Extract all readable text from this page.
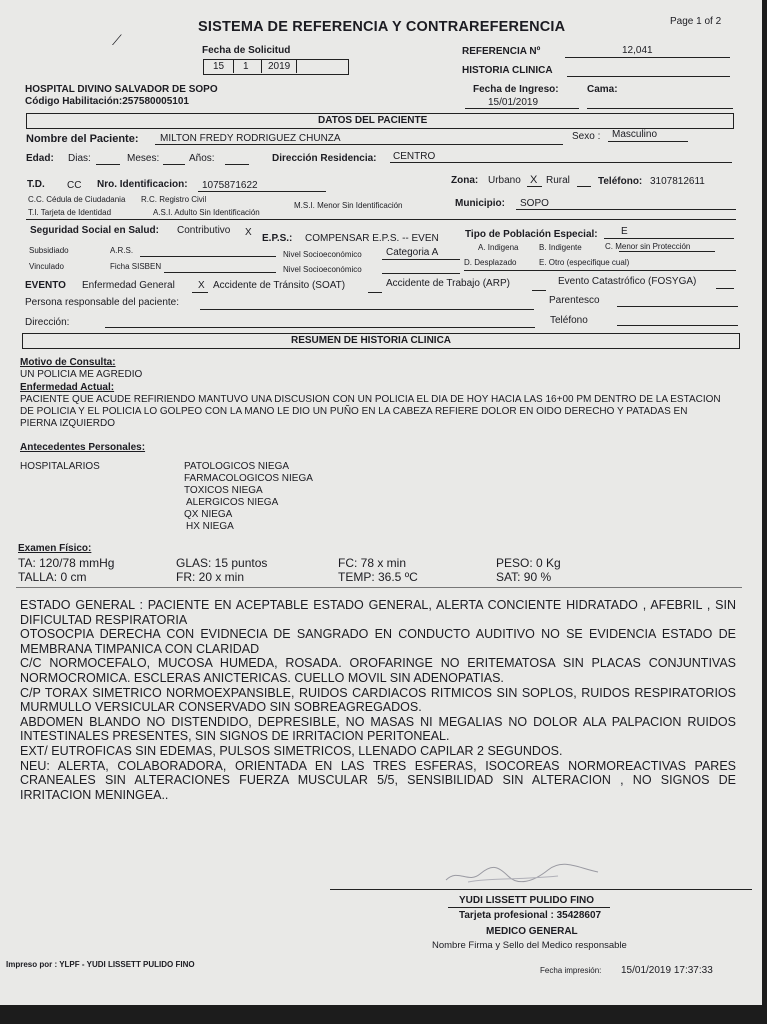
⟋
SISTEMA DE REFERENCIA Y CONTRAREFERENCIA	Page 1 of 2
Fecha de Solicitud
15 1 2019
REFERENCIA Nº	12,041
HISTORIA CLINICA
HOSPITAL DIVINO SALVADOR DE SOPO
Código Habilitación:257580005101
Fecha de Ingreso:
15/01/2019
Cama:
DATOS DEL PACIENTE
Nombre del Paciente: MILTON FREDY RODRIGUEZ CHUNZA	Sexo : Masculino
Edad: Dias:	Meses:	Años:	Dirección Residencia: CENTRO
T.D. CC Nro. Identificacion: 1075871622	Zona: Urbano X Rural	Teléfono: 3107812611
C.C. Cédula de Ciudadania R.C. Registro Civil
T.I. Tarjeta de Identidad	A.S.I. Adulto Sin Identificación
M.S.I. Menor Sin Identificación	Municipio: SOPO
Seguridad Social en Salud: Contributivo X
E.P.S.: COMPENSAR E.P.S. -- EVEN	Tipo de Población Especial: E
Subsidiado	A.R.S.	Nivel Socioeconómico Categoria A	A. Indigena	B. Indigente	C. Menor sin Protección
Vinculado	Ficha SISBEN	Nivel Socioeconómico
D. Desplazado	E. Otro (especifique cual)
EVENTO Enfermedad General X Accidente de Tránsito (SOAT)	Accidente de Trabajo (ARP)	Evento Catastrófico (FOSYGA)
Persona responsable del paciente:	Parentesco
Dirección:	Teléfono
RESUMEN DE HISTORIA CLINICA
Motivo de Consulta:
UN POLICIA ME AGREDIO
Enfermedad Actual:
PACIENTE QUE ACUDE REFIRIENDO MANTUVO UNA DISCUSION CON UN POLICIA EL DIA DE HOY HACIA LAS 16+00 PM DENTRO DE LA ESTACION DE POLICIA Y EL POLICIA LO GOLPEO CON LA MANO LE DIO UN PUÑO EN LA CABEZA REFIERE DOLOR EN OIDO DERECHO Y PATADAS EN PIERNA IZQUIERDO
Antecedentes Personales:
HOSPITALARIOS	PATOLOGICOS NIEGA
FARMACOLOGICOS NIEGA
TOXICOS NIEGA
ALERGICOS NIEGA
QX NIEGA
HX NIEGA
Examen Físico:
TA: 120/78 mmHg	GLAS: 15 puntos	FC: 78 x min	PESO: 0 Kg
TALLA: 0 cm	FR: 20 x min	TEMP: 36.5 ºC	SAT: 90 %

ESTADO GENERAL : PACIENTE EN ACEPTABLE ESTADO GENERAL, ALERTA CONCIENTE HIDRATADO , AFEBRIL , SIN DIFICULTAD RESPIRATORIA

OTOSOCPIA DERECHA CON EVIDNECIA DE SANGRADO EN CONDUCTO AUDITIVO NO SE EVIDENCIA ESTADO DE MEMBRANA TIMPANICA CON CLARIDAD

C/C NORMOCEFALO, MUCOSA HUMEDA, ROSADA. OROFARINGE NO ERITEMATOSA SIN PLACAS CONJUNTIVAS NORMOCROMICA. ESCLERAS ANICTERICAS. CUELLO MOVIL SIN ADENOPATIAS.

C/P TORAX SIMETRICO NORMOEXPANSIBLE, RUIDOS CARDIACOS RITMICOS SIN SOPLOS, RUIDOS RESPIRATORIOS MURMULLO VERSICULAR CONSERVADO SIN SOBREAGREGADOS.

ABDOMEN BLANDO NO DISTENDIDO, DEPRESIBLE, NO MASAS NI MEGALIAS NO DOLOR ALA PALPACION RUIDOS INTESTINALES PRESENTES, SIN SIGNOS DE IRRITACION PERITONEAL.

EXT/ EUTROFICAS SIN EDEMAS, PULSOS SIMETRICOS, LLENADO CAPILAR 2 SEGUNDOS.

NEU: ALERTA, COLABORADORA, ORIENTADA EN LAS TRES ESFERAS, ISOCOREAS NORMOREACTIVAS PARES CRANEALES SIN ALTERACIONES FUERZA MUSCULAR 5/5, SENSIBILIDAD SIN ALTERACION , NO SIGNOS DE IRRITACION MENINGEA..

YUDI LISSETT PULIDO FINO
Tarjeta profesional : 35428607
MEDICO GENERAL
Nombre Firma y Sello del Medico responsable
Impreso por : YLPF - YUDI LISSETT PULIDO FINO
Fecha impresión: 15/01/2019 17:37:33
